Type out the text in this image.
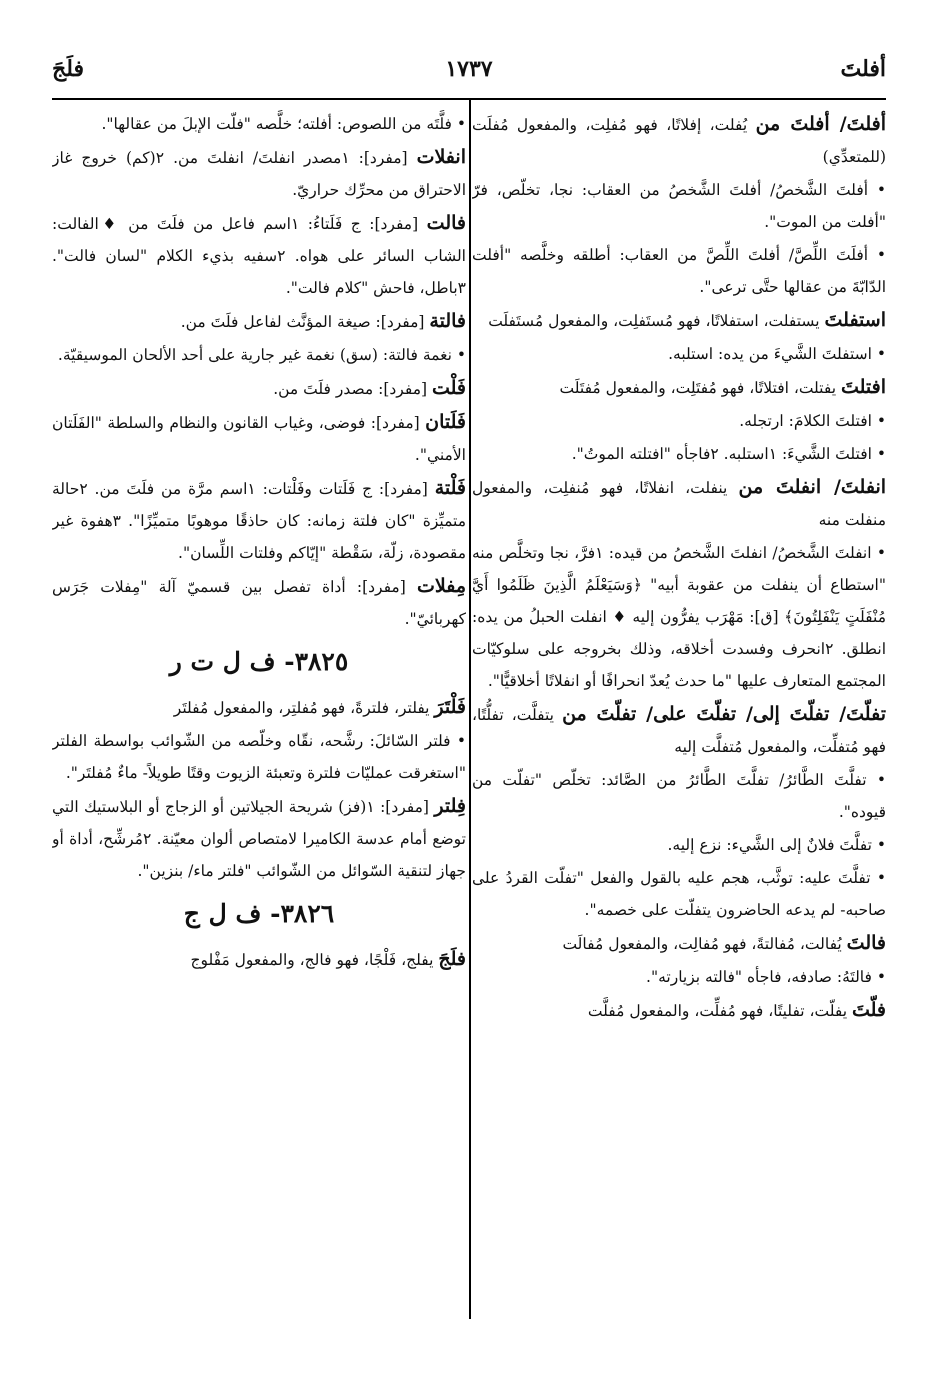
أفلتَ
١٧٣٧
فلَجَ

أفلتَ/ أفلتَ من يُفلت، إفلاتًا، فهو مُفلِت، والمفعول مُفلَت (للمتعدِّي)

• أفلتَ الشَّخصُ/ أفلتَ الشَّخصُ من العقاب: نجا، تخلّص، فرّ "أفلت من الموت".

• أفلَتَ اللِّصَّ/ أفلتَ اللِّصَّ من العقاب: أطلقه وخلَّصه "أفلت الدّابّةَ من عقالها حتَّى ترعى".

استفلتَ يستفلت، استفلاتًا، فهو مُستَفلِت، والمفعول مُستَفلَت

• استفلتَ الشَّيءَ من يده: استلبه.

افتلتَ يفتلت، افتلاتًا، فهو مُفتَلِت، والمفعول مُفتَلَت

• افتلتَ الكلامَ: ارتجله.

• افتلتَ الشَّيءَ: ١استلبه. ٢فاجأه "افتلته الموتُ".

انفلتَ/ انفلتَ من ينفلت، انفلاتًا، فهو مُنفلِت، والمفعول منفلت منه

• انفلتَ الشَّخصُ/ انفلتَ الشَّخصُ من قيده: ١فرَّ، نجا وتخلَّص منه "استطاع أن ينفلت من عقوبة أبيه" ﴿وَسَيَعْلَمُ الَّذِينَ ظَلَمُوا أَيَّ مُنْفَلَتٍ يَنْفَلِتُونَ﴾ [ق]: مَهْرَب يفرُّون إليه ♦ انفلت الحبلُ من يده: انطلق. ٢انحرف وفسدت أخلاقه، وذلك بخروجه على سلوكيّات المجتمع المتعارف عليها "ما حدث يُعدّ انحرافًا أو انفلاتًا أخلاقيًّا".

تفلّتَ/ تفلّتَ إلى/ تفلّتَ على/ تفلّتَ من يتفلَّت، تفلُّتًا، فهو مُتفلِّت، والمفعول مُتفلَّت إليه

• تفلَّتَ الطَّائرُ/ تفلَّتَ الطَّائرُ من الصَّائد: تخلّص "تفلّت من قيوده".

• تفلَّتَ فلانٌ إلى الشَّيء: نزع إليه.

• تفلَّتَ عليه: توثَّب، هجم عليه بالقول والفعل "تفلّت القردُ على صاحبه- لم يدعه الحاضرون يتفلّت على خصمه".

فالتَ يُفالت، مُفالتةً، فهو مُفالِت، والمفعول مُفالَت

• فالتَهُ: صادفه، فاجأه "فالته بزيارته".

فلّتَ يفلّت، تفليتًا، فهو مُفلِّت، والمفعول مُفلَّت

• فلَّتَه من اللصوص: أفلته؛ خلَّصه "فلّت الإبلَ من عقالها".

انفلات [مفرد]: ١مصدر انفلتَ/ انفلتَ من. ٢(كم) خروج غاز الاحتراق من محرِّك حراريّ.

فالت [مفرد]: ج فَلَتاءُ: ١اسم فاعل من فلَتَ من ♦الفالت: الشاب السائر على هواه. ٢سفيه بذيء الكلام "لسان فالت". ٣باطل، فاحش "كلام فالت".

فالتة [مفرد]: صيغة المؤنَّث لفاعل فلَتَ من.

• نغمة فالتة: (سق) نغمة غير جارية على أحد الألحان الموسيقيّة.

فَلْت [مفرد]: مصدر فلَتَ من.

فَلَتان [مفرد]: فوضى، وغياب القانون والنظام والسلطة "الفَلَتان الأمني".

فَلْتة [مفرد]: ج فَلَتات وفَلْتات: ١اسم مرَّة من فلَتَ من. ٢حالة متميِّزة "كان فلتة زمانه: كان حاذقًا موهوبًا متميِّزًا". ٣هفوة غير مقصودة، زلّة، سَقْطة "إيّاكم وفلتات اللِّسان".

مِفلات [مفرد]: أداة تفصل بين قسميّ آلة "مِفلات جَرَس كهربائيّ".

٣٨٢٥- ف ل ت ر

فَلْتَرَ يفلتر، فلترةً، فهو مُفلتِر، والمفعول مُفلتَر

• فلتر السّائلَ: رشَّحه، نقّاه وخلّصه من الشّوائب بواسطة الفلتر "استغرقت عمليّات فلترة وتعبئة الزيوت وقتًا طويلاً- ماءٌ مُفلتَر".

فِلتر [مفرد]: ١(فز) شريحة الجيلاتين أو الزجاج أو البلاستيك التي توضع أمام عدسة الكاميرا لامتصاص ألوان معيّنة. ٢مُرشِّح، أداة أو جهاز لتنقية السّوائل من الشّوائب "فلتر ماء/ بنزين".

٣٨٢٦- ف ل ج

فلَجَ يفلج، فَلْجًا، فهو فالج، والمفعول مَفْلوج
